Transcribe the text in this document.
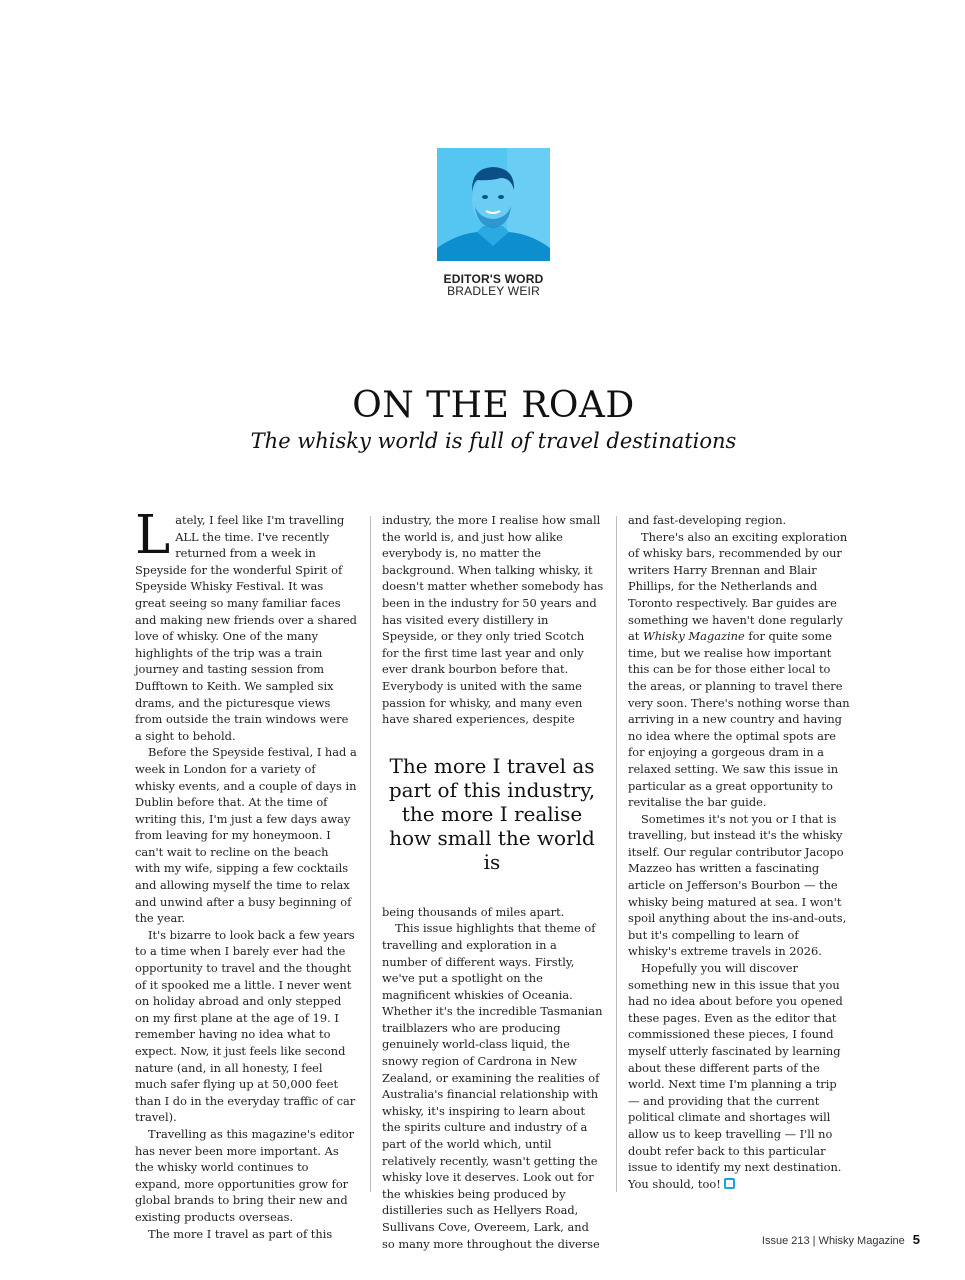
EDITOR'S WORD
BRADLEY WEIR
ON THE ROAD

The whisky world is full of travel destinations

Lately, I feel like I'm travelling ALL the time. I've recently returned from a week in Speyside for the wonderful Spirit of Speyside Whisky Festival. It was great seeing so many familiar faces and making new friends over a shared love of whisky. One of the many highlights of the trip was a train journey and tasting session from Dufftown to Keith. We sampled six drams, and the picturesque views from outside the train windows were a sight to behold.

Before the Speyside festival, I had a week in London for a variety of whisky events, and a couple of days in Dublin before that. At the time of writing this, I'm just a few days away from leaving for my honeymoon. I can't wait to recline on the beach with my wife, sipping a few cocktails and allowing myself the time to relax and unwind after a busy beginning of the year.

It's bizarre to look back a few years to a time when I barely ever had the opportunity to travel and the thought of it spooked me a little. I never went on holiday abroad and only stepped on my first plane at the age of 19. I remember having no idea what to expect. Now, it just feels like second nature (and, in all honesty, I feel much safer flying up at 50,000 feet than I do in the everyday traffic of car travel).

Travelling as this magazine's editor has never been more important. As the whisky world continues to expand, more opportunities grow for global brands to bring their new and existing products overseas.

The more I travel as part of this

industry, the more I realise how small the world is, and just how alike everybody is, no matter the background. When talking whisky, it doesn't matter whether somebody has been in the industry for 50 years and has visited every distillery in Speyside, or they only tried Scotch for the first time last year and only ever drank bourbon before that. Everybody is united with the same passion for whisky, and many even have shared experiences, despite

The more I travel as part of this industry, the more I realise how small the world is

being thousands of miles apart.

This issue highlights that theme of travelling and exploration in a number of different ways. Firstly, we've put a spotlight on the magnificent whiskies of Oceania. Whether it's the incredible Tasmanian trailblazers who are producing genuinely world-class liquid, the snowy region of Cardrona in New Zealand, or examining the realities of Australia's financial relationship with whisky, it's inspiring to learn about the spirits culture and industry of a part of the world which, until relatively recently, wasn't getting the whisky love it deserves. Look out for the whiskies being produced by distilleries such as Hellyers Road, Sullivans Cove, Overeem, Lark, and so many more throughout the diverse

and fast-developing region.

There's also an exciting exploration of whisky bars, recommended by our writers Harry Brennan and Blair Phillips, for the Netherlands and Toronto respectively. Bar guides are something we haven't done regularly at Whisky Magazine for quite some time, but we realise how important this can be for those either local to the areas, or planning to travel there very soon. There's nothing worse than arriving in a new country and having no idea where the optimal spots are for enjoying a gorgeous dram in a relaxed setting. We saw this issue in particular as a great opportunity to revitalise the bar guide.

Sometimes it's not you or I that is travelling, but instead it's the whisky itself. Our regular contributor Jacopo Mazzeo has written a fascinating article on Jefferson's Bourbon — the whisky being matured at sea. I won't spoil anything about the ins-and-outs, but it's compelling to learn of whisky's extreme travels in 2026.

Hopefully you will discover something new in this issue that you had no idea about before you opened these pages. Even as the editor that commissioned these pieces, I found myself utterly fascinated by learning about these different parts of the world. Next time I'm planning a trip — and providing that the current political climate and shortages will allow us to keep travelling — I'll no doubt refer back to this particular issue to identify my next destination.

You should, too!

Issue 213 | Whisky Magazine 5
